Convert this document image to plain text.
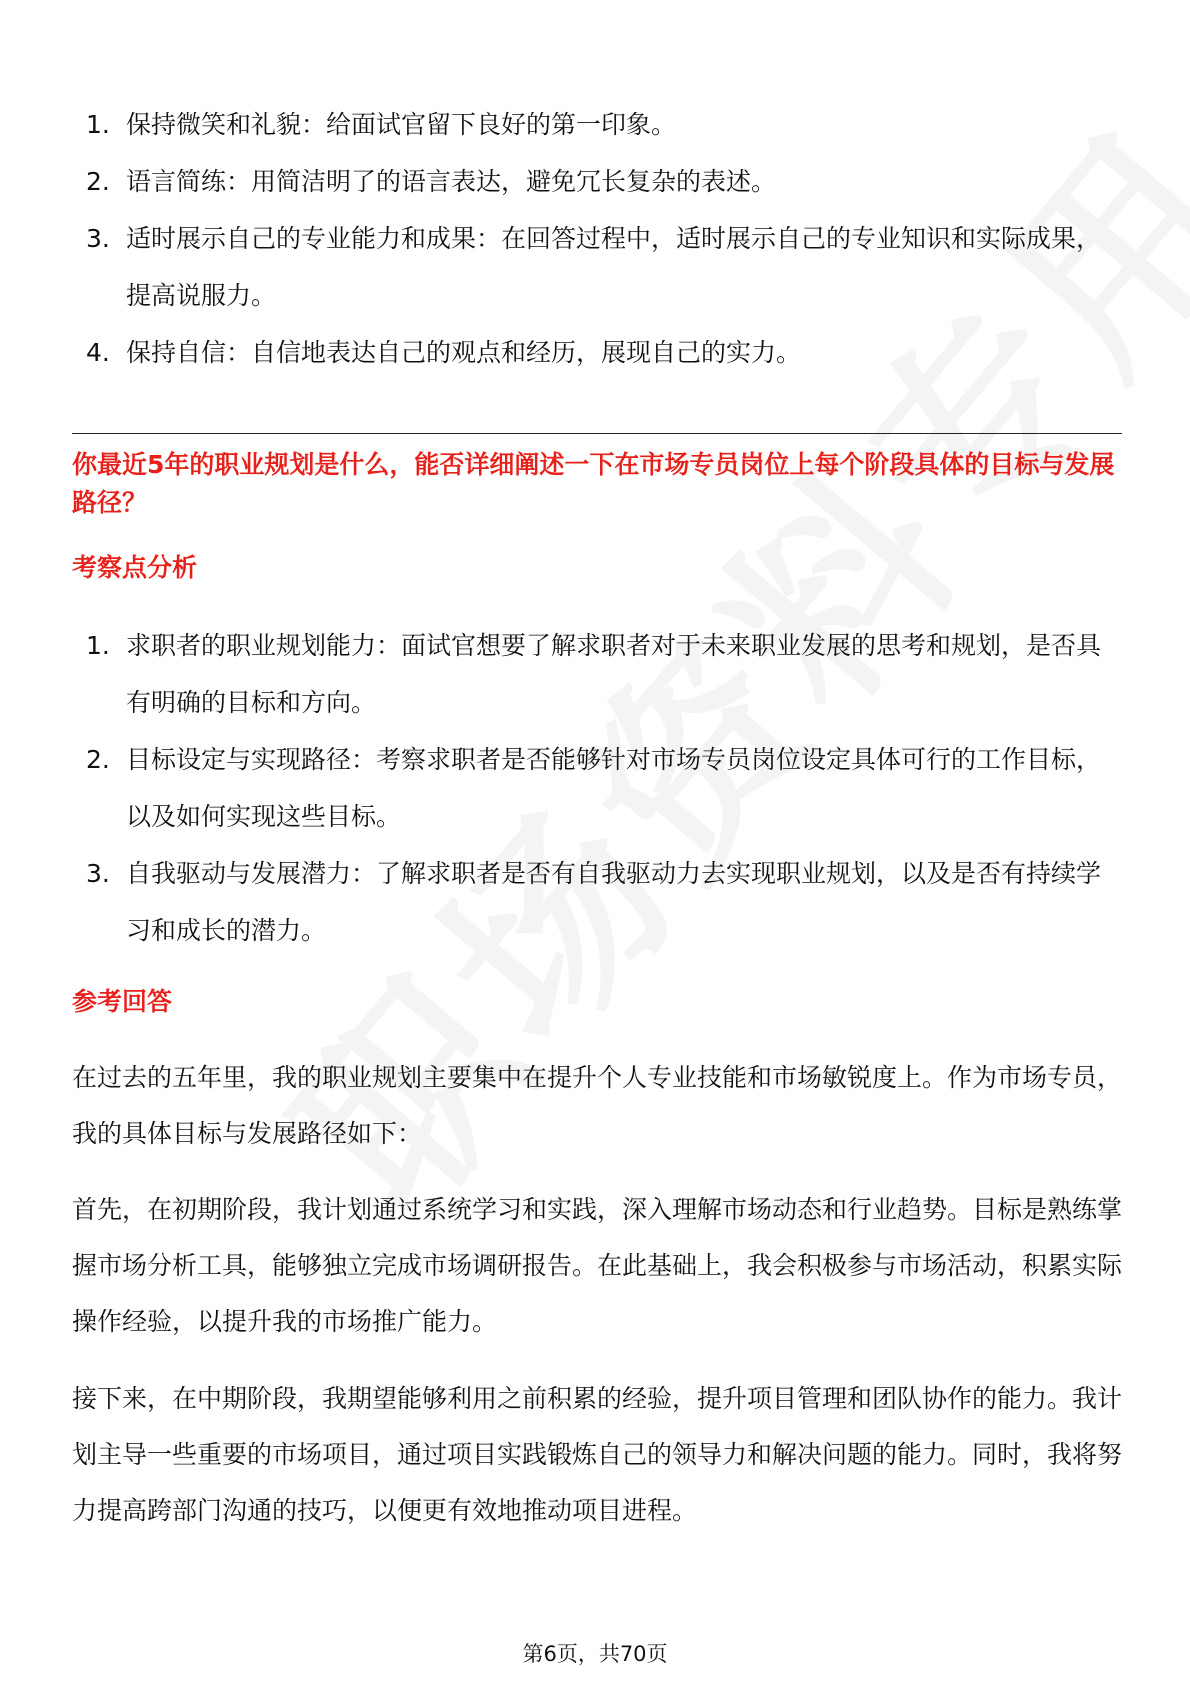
1. 保持微笑和礼貌：给面试官留下良好的第一印象。
2. 语言简练：用简洁明了的语言表达，避免冗长复杂的表述。
3. 适时展示自己的专业能力和成果：在回答过程中，适时展示自己的专业知识和实际成果，提高说服力。
4. 保持自信：自信地表达自己的观点和经历，展现自己的实力。
你最近5年的职业规划是什么，能否详细阐述一下在市场专员岗位上每个阶段具体的目标与发展路径？
考察点分析
1. 求职者的职业规划能力：面试官想要了解求职者对于未来职业发展的思考和规划，是否具有明确的目标和方向。
2. 目标设定与实现路径：考察求职者是否能够针对市场专员岗位设定具体可行的工作目标，以及如何实现这些目标。
3. 自我驱动与发展潜力：了解求职者是否有自我驱动力去实现职业规划，以及是否有持续学习和成长的潜力。
参考回答

在过去的五年里，我的职业规划主要集中在提升个人专业技能和市场敏锐度上。作为市场专员，我的具体目标与发展路径如下：

首先，在初期阶段，我计划通过系统学习和实践，深入理解市场动态和行业趋势。目标是熟练掌握市场分析工具，能够独立完成市场调研报告。在此基础上，我会积极参与市场活动，积累实际操作经验，以提升我的市场推广能力。

接下来，在中期阶段，我期望能够利用之前积累的经验，提升项目管理和团队协作的能力。我计划主导一些重要的市场项目，通过项目实践锻炼自己的领导力和解决问题的能力。同时，我将努力提高跨部门沟通的技巧，以便更有效地推动项目进程。

第6页，共70页
